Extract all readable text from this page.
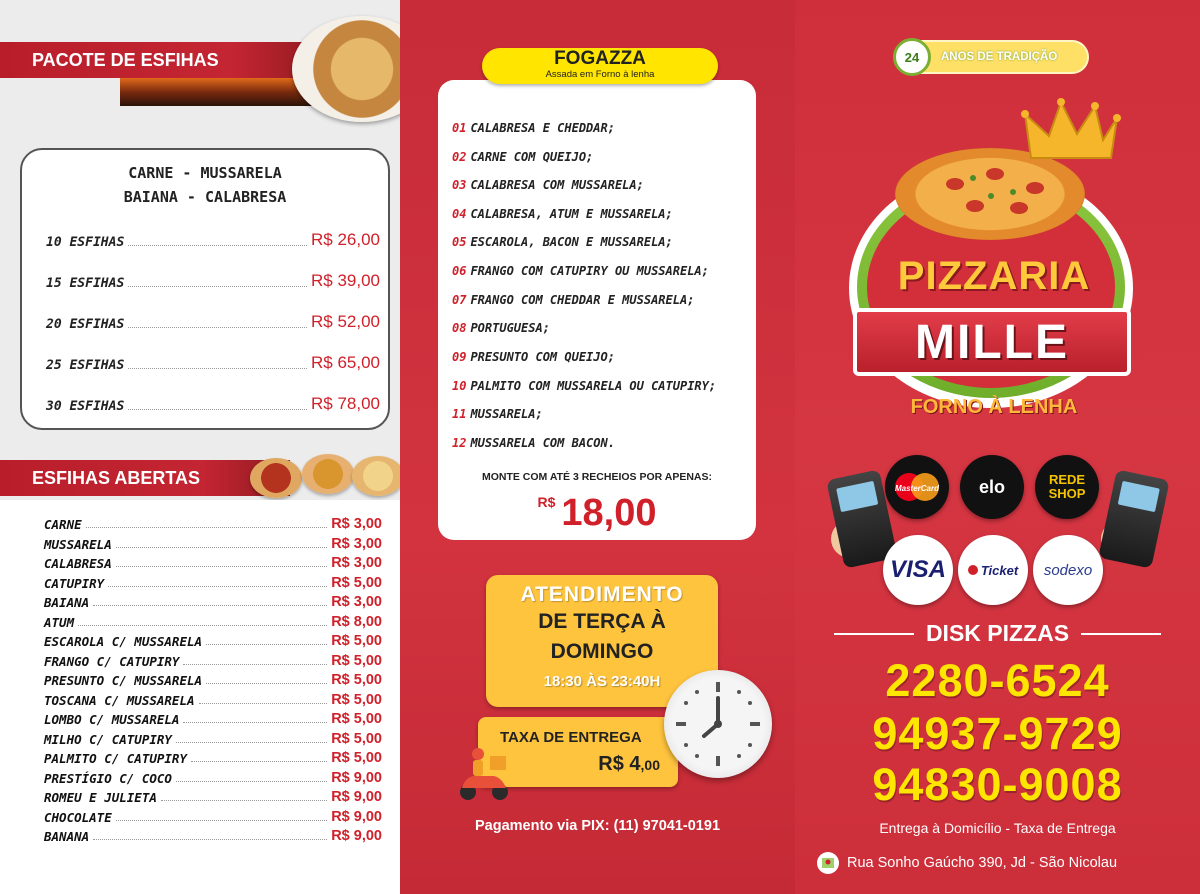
PACOTE DE ESFIHAS
CARNE - MUSSARELA
BAIANA - CALABRESA
10 ESFIHAS	R$ 26,00
15 ESFIHAS	R$ 39,00
20 ESFIHAS	R$ 52,00
25 ESFIHAS	R$ 65,00
30 ESFIHAS	R$ 78,00
ESFIHAS ABERTAS
CARNE	R$ 3,00
MUSSARELA	R$ 3,00
CALABRESA	R$ 3,00
CATUPIRY	R$ 5,00
BAIANA	R$ 3,00
ATUM	R$ 8,00
ESCAROLA C/ MUSSARELA	R$ 5,00
FRANGO C/ CATUPIRY	R$ 5,00
PRESUNTO C/ MUSSARELA	R$ 5,00
TOSCANA C/ MUSSARELA	R$ 5,00
LOMBO C/ MUSSARELA	R$ 5,00
MILHO C/ CATUPIRY	R$ 5,00
PALMITO C/ CATUPIRY	R$ 5,00
PRESTÍGIO C/ COCO	R$ 9,00
ROMEU E JULIETA	R$ 9,00
CHOCOLATE	R$ 9,00
BANANA	R$ 9,00
FOGAZZA
Assada em Forno à lenha
01 CALABRESA E CHEDDAR;
02 CARNE COM QUEIJO;
03 CALABRESA COM MUSSARELA;
04 CALABRESA, ATUM E MUSSARELA;
05 ESCAROLA, BACON E MUSSARELA;
06 FRANGO COM CATUPIRY OU MUSSARELA;
07 FRANGO COM CHEDDAR E MUSSARELA;
08 PORTUGUESA;
09 PRESUNTO COM QUEIJO;
10 PALMITO COM MUSSARELA OU CATUPIRY;
11 MUSSARELA;
12 MUSSARELA COM BACON.
MONTE COM ATÉ 3 RECHEIOS POR APENAS:
R$ 18,00
ATENDIMENTO
DE TERÇA À
DOMINGO
18:30 ÀS 23:40H
TAXA DE ENTREGA
R$ 4,00
Pagamento via PIX: (11) 97041-0191
24	ANOS DE TRADIÇÃO
PIZZARIA
MILLE
FORNO À LENHA
MasterCard elo	REDE SHOP
VISA	Ticket sodexo
DISK PIZZAS
2280-6524
94937-9729
94830-9008
Entrega à Domicílio - Taxa de Entrega
Rua Sonho Gaúcho 390, Jd - São Nicolau
